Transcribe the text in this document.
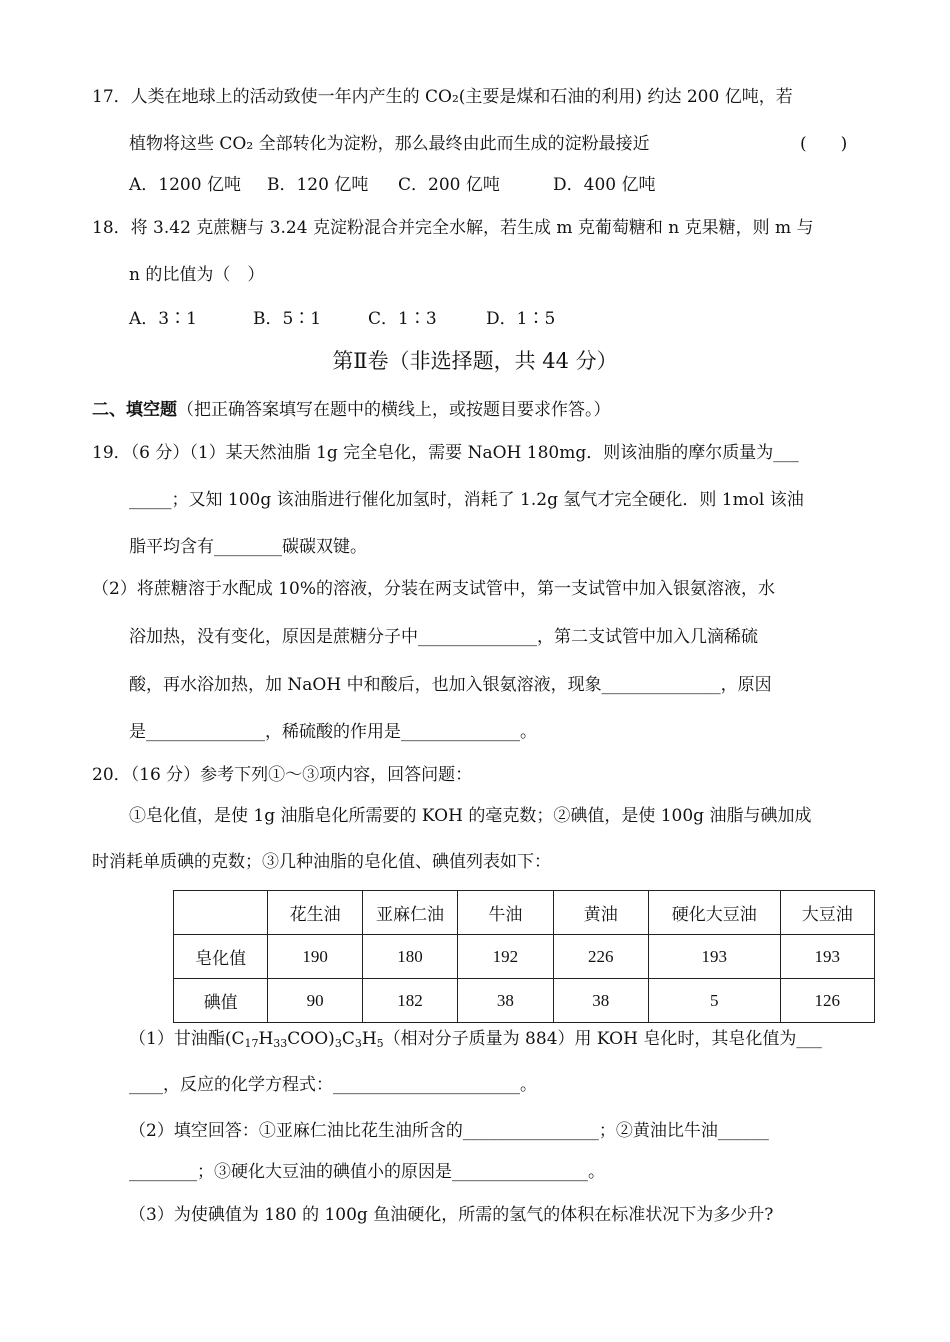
17．人类在地球上的活动致使一年内产生的 CO₂(主要是煤和石油的利用) 约达 200 亿吨，若
植物将这些 CO₂ 全部转化为淀粉，那么最终由此而生成的淀粉最接近	(　　)
A．1200 亿吨 B．120 亿吨 C．200 亿吨	D．400 亿吨
18．将 3.42 克蔗糖与 3.24 克淀粉混合并完全水解，若生成 m 克葡萄糖和 n 克果糖，则 m 与
n 的比值为（　）
A．3∶1	B．5∶1	C．1∶3	D．1∶5
第Ⅱ卷（非选择题，共 44 分）
二、填空题（把正确答案填写在题中的横线上，或按题目要求作答。）
19．（6 分）（1）某天然油脂 1g 完全皂化，需要 NaOH 180mg．则该油脂的摩尔质量为___
_____；又知 100g 该油脂进行催化加氢时，消耗了 1.2g 氢气才完全硬化．则 1mol 该油
脂平均含有________碳碳双键。
（2）将蔗糖溶于水配成 10%的溶液，分装在两支试管中，第一支试管中加入银氨溶液，水
浴加热，没有变化，原因是蔗糖分子中______________，第二支试管中加入几滴稀硫
酸，再水浴加热，加 NaOH 中和酸后，也加入银氨溶液，现象______________，原因
是______________，稀硫酸的作用是______________。
20．（16 分）参考下列①～③项内容，回答问题：
①皂化值，是使 1g 油脂皂化所需要的 KOH 的毫克数；②碘值，是使 100g 油脂与碘加成
时消耗单质碘的克数；③几种油脂的皂化值、碘值列表如下：
	花生油	亚麻仁油	牛油	黄油	硬化大豆油	大豆油
皂化值	190	180	192	226	193	193
碘值	90	182	38	38	5	126
（1）甘油酯$(C_{17}H_{33}COO)_3C_3H_5$（相对分子质量为 884）用 KOH 皂化时，其皂化值为___
____，反应的化学方程式：______________________。
（2）填空回答：①亚麻仁油比花生油所含的________________；②黄油比牛油______
________；③硬化大豆油的碘值小的原因是________________。
（3）为使碘值为 180 的 100g 鱼油硬化，所需的氢气的体积在标准状况下为多少升?
